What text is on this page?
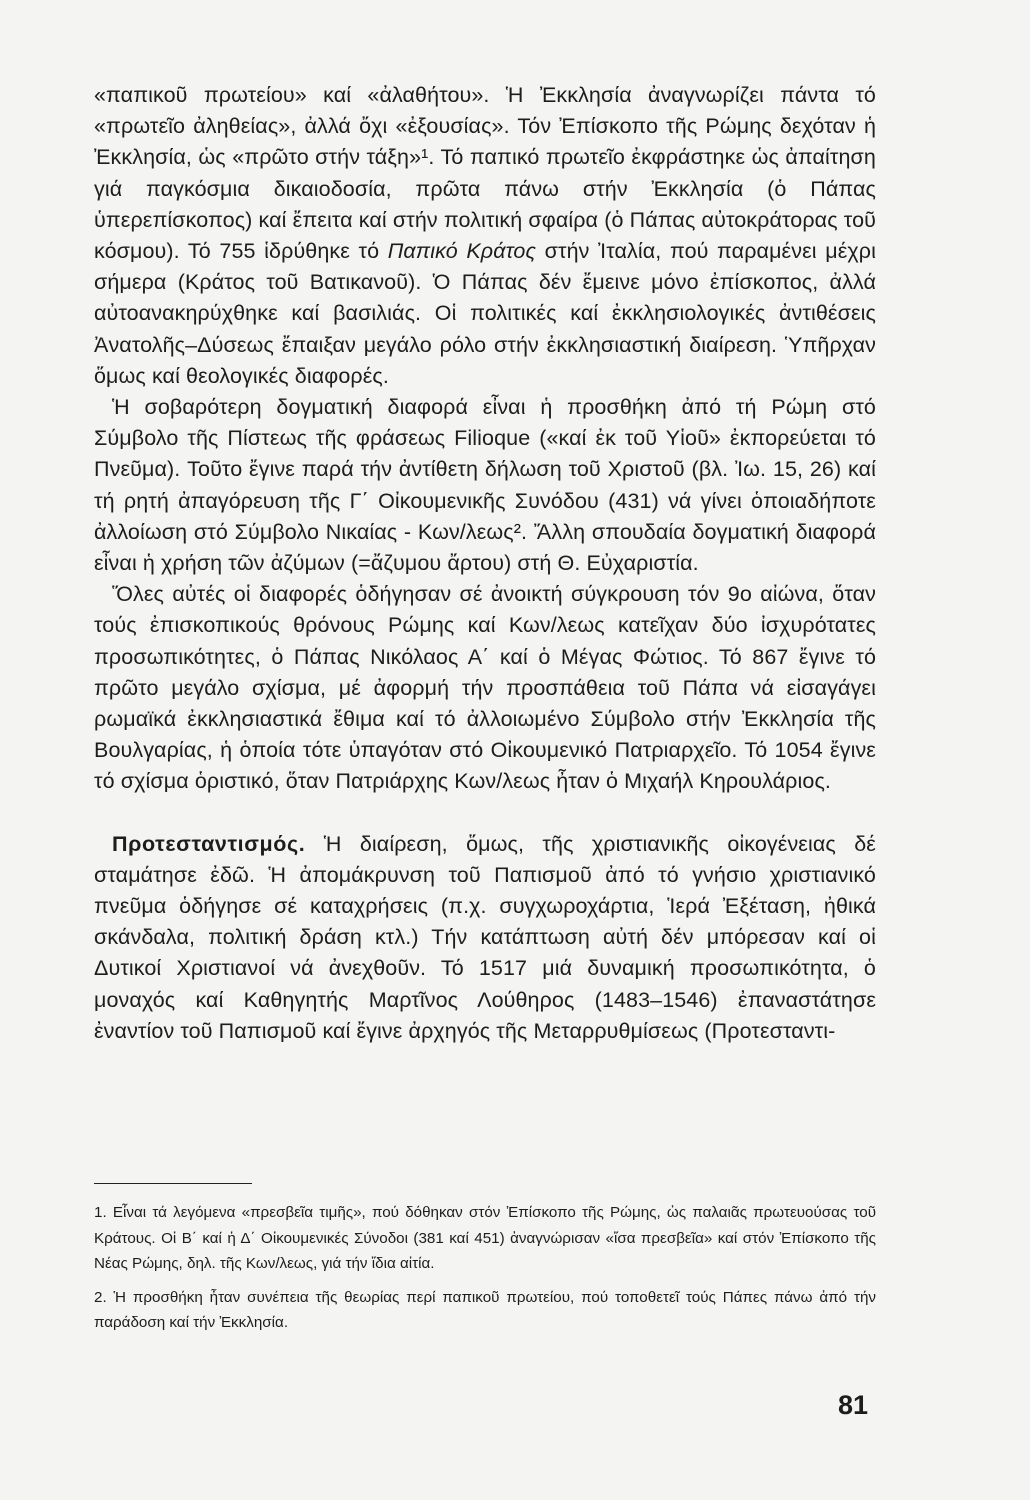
«παπικοῦ πρωτείου» καί «ἀλαθήτου». Ἡ Ἐκκλησία ἀναγνωρίζει πάντα τό «πρωτεῖο ἀληθείας», ἀλλά ὄχι «ἐξουσίας». Τόν Ἐπίσκοπο τῆς Ρώμης δεχόταν ἡ Ἐκκλησία, ὡς «πρῶτο στήν τάξη»¹. Τό παπικό πρωτεῖο ἐκφράστηκε ὡς ἀπαίτηση γιά παγκόσμια δικαιοδοσία, πρῶτα πάνω στήν Ἐκκλησία (ὁ Πάπας ὑπερεπίσκοπος) καί ἔπειτα καί στήν πολιτική σφαίρα (ὁ Πάπας αὐτοκράτορας τοῦ κόσμου). Τό 755 ἱδρύθηκε τό Παπικό Κράτος στήν Ἰταλία, πού παραμένει μέχρι σήμερα (Κράτος τοῦ Βατικανοῦ). Ὁ Πάπας δέν ἔμεινε μόνο ἐπίσκοπος, ἀλλά αὐτοανακηρύχθηκε καί βασιλιάς. Οἱ πολιτικές καί ἐκκλησιολογικές ἀντιθέσεις Ἀνατολῆς–Δύσεως ἔπαιξαν μεγάλο ρόλο στήν ἐκκλησιαστική διαίρεση. Ὑπῆρχαν ὅμως καί θεολογικές διαφορές.

Ἡ σοβαρότερη δογματική διαφορά εἶναι ἡ προσθήκη ἀπό τή Ρώμη στό Σύμβολο τῆς Πίστεως τῆς φράσεως Filioque («καί ἐκ τοῦ Υἱοῦ» ἐκπορεύεται τό Πνεῦμα). Τοῦτο ἔγινε παρά τήν ἀντίθετη δήλωση τοῦ Χριστοῦ (βλ. Ἰω. 15, 26) καί τή ρητή ἀπαγόρευση τῆς Γ΄ Οἰκουμενικῆς Συνόδου (431) νά γίνει ὁποιαδήποτε ἀλλοίωση στό Σύμβολο Νικαίας - Κων/λεως². Ἄλλη σπουδαία δογματική διαφορά εἶναι ἡ χρήση τῶν ἀζύμων (=ἄζυμου ἄρτου) στή Θ. Εὐχαριστία.

Ὅλες αὐτές οἱ διαφορές ὁδήγησαν σέ ἀνοικτή σύγκρουση τόν 9ο αἰώνα, ὅταν τούς ἐπισκοπικούς θρόνους Ρώμης καί Κων/λεως κατεῖχαν δύο ἰσχυρότατες προσωπικότητες, ὁ Πάπας Νικόλαος Α΄ καί ὁ Μέγας Φώτιος. Τό 867 ἔγινε τό πρῶτο μεγάλο σχίσμα, μέ ἀφορμή τήν προσπάθεια τοῦ Πάπα νά εἰσαγάγει ρωμαϊκά ἐκκλησιαστικά ἔθιμα καί τό ἀλλοιωμένο Σύμβολο στήν Ἐκκλησία τῆς Βουλγαρίας, ἡ ὁποία τότε ὑπαγόταν στό Οἰκουμενικό Πατριαρχεῖο. Τό 1054 ἔγινε τό σχίσμα ὁριστικό, ὅταν Πατριάρχης Κων/λεως ἦταν ὁ Μιχαήλ Κηρουλάριος.

Προτεσταντισμός. Ἡ διαίρεση, ὅμως, τῆς χριστιανικῆς οἰκογένειας δέ σταμάτησε ἐδῶ. Ἡ ἀπομάκρυνση τοῦ Παπισμοῦ ἀπό τό γνήσιο χριστιανικό πνεῦμα ὁδήγησε σέ καταχρήσεις (π.χ. συγχωροχάρτια, Ἱερά Ἐξέταση, ἠθικά σκάνδαλα, πολιτική δράση κτλ.) Τήν κατάπτωση αὐτή δέν μπόρεσαν καί οἱ Δυτικοί Χριστιανοί νά ἀνεχθοῦν. Τό 1517 μιά δυναμική προσωπικότητα, ὁ μοναχός καί Καθηγητής Μαρτῖνος Λούθηρος (1483–1546) ἐπαναστάτησε ἐναντίον τοῦ Παπισμοῦ καί ἔγινε ἀρχηγός τῆς Μεταρρυθμίσεως (Προτεσταντι-

1. Εἶναι τά λεγόμενα «πρεσβεῖα τιμῆς», πού δόθηκαν στόν Ἐπίσκοπο τῆς Ρώμης, ὡς παλαιᾶς πρωτευούσας τοῦ Κράτους. Οἱ Β΄ καί ἡ Δ΄ Οἰκουμενικές Σύνοδοι (381 καί 451) ἀναγνώρισαν «ἴσα πρεσβεῖα» καί στόν Ἐπίσκοπο τῆς Νέας Ρώμης, δηλ. τῆς Κων/λεως, γιά τήν ἴδια αἰτία.

2. Ἡ προσθήκη ἦταν συνέπεια τῆς θεωρίας περί παπικοῦ πρωτείου, πού τοποθετεῖ τούς Πάπες πάνω ἀπό τήν παράδοση καί τήν Ἐκκλησία.

81
